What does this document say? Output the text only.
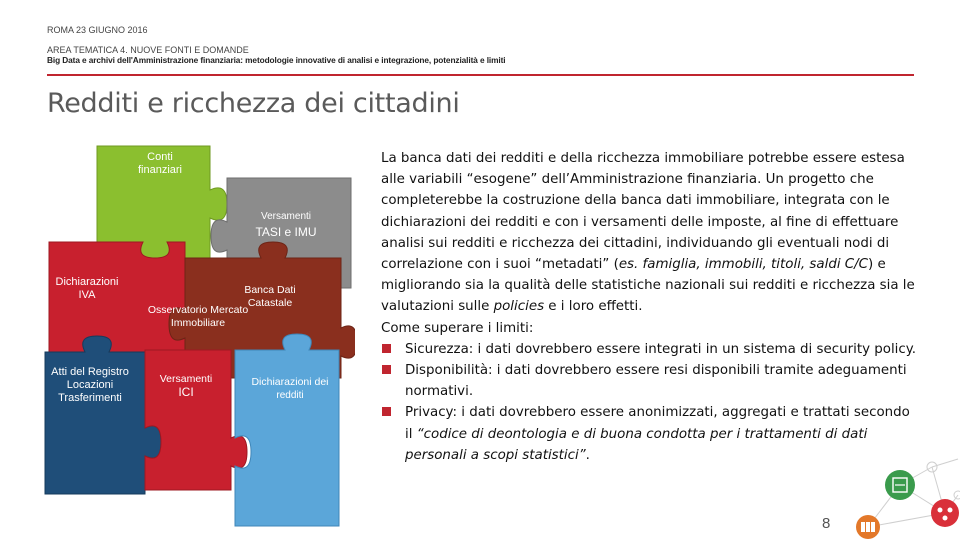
ROMA 23 GIUGNO 2016
AREA TEMATICA 4. NUOVE FONTI E DOMANDE
Big Data e archivi dell'Amministrazione finanziaria: metodologie innovative di analisi e integrazione, potenzialità e limiti
Redditi e ricchezza dei cittadini
Conti
finanziari
Versamenti
TASI e IMU
Dichiarazioni
IVA	Banca Dati
Catastale
Osservatorio Mercato
Immobiliare
Atti del Registro
Locazioni
Trasferimenti
Versamenti
ICI
Dichiarazioni dei
redditi

La banca dati dei redditi e della ricchezza immobiliare potrebbe essere estesa alle variabili “esogene” dell’Amministrazione finanziaria. Un progetto che completerebbe la costruzione della banca dati immobiliare, integrata con le dichiarazioni dei redditi e con i versamenti delle imposte, al fine di effettuare analisi sui redditi e ricchezza dei cittadini, individuando gli eventuali nodi di correlazione con i suoi “metadati” (es. famiglia, immobili, titoli, saldi C/C) e migliorando sia la qualità delle statistiche nazionali sui redditi e ricchezza sia le valutazioni sulle policies e i loro effetti.

Come superare i limiti:

Sicurezza: i dati dovrebbero essere integrati in un sistema di security policy.
Disponibilità: i dati dovrebbero essere resi disponibili tramite adeguamenti normativi.
Privacy: i dati dovrebbero essere anonimizzati, aggregati e trattati secondo il “codice di deontologia e di buona condotta per i trattamenti di dati personali a scopi statistici”.
8
